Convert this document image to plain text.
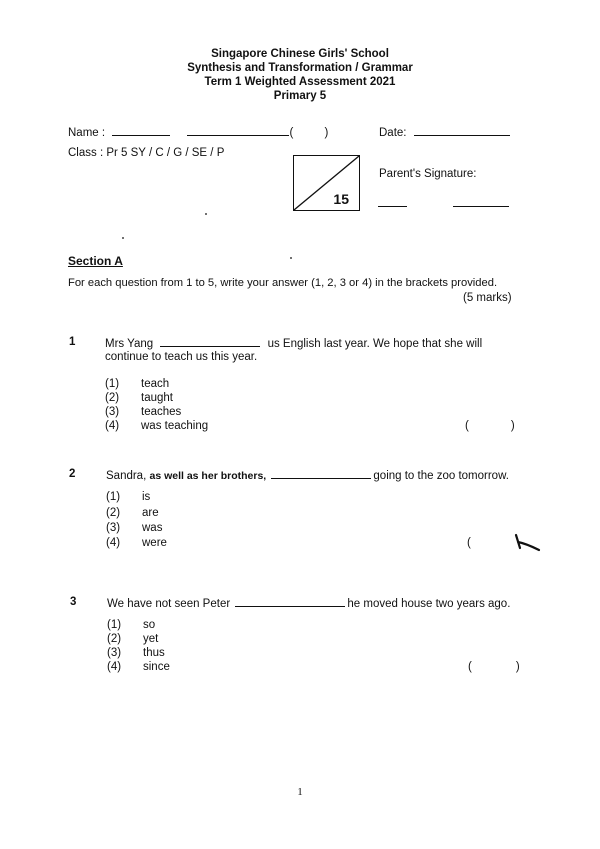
Singapore Chinese Girls' School
Synthesis and Transformation / Grammar
Term 1 Weighted Assessment 2021
Primary 5
Name :	(	)	Date:
Class : Pr 5 SY / C / G / SE / P
15
Parent's Signature:
Section A
For each question from 1 to 5, write your answer (1, 2, 3 or 4) in the brackets provided.
(5 marks)
1	Mrs Yang	us English last year. We hope that she will
continue to teach us this year.
(1) teach
(2) taught
(3) teaches
(4) was teaching	(	)
2	Sandra, as well as her brothers,	going to the zoo tomorrow.
(1) is
(2) are
(3) was
(4) were	(
3	We have not seen Peter	he moved house two years ago.
(1) so
(2) yet
(3) thus
(4) since	(	)
1
